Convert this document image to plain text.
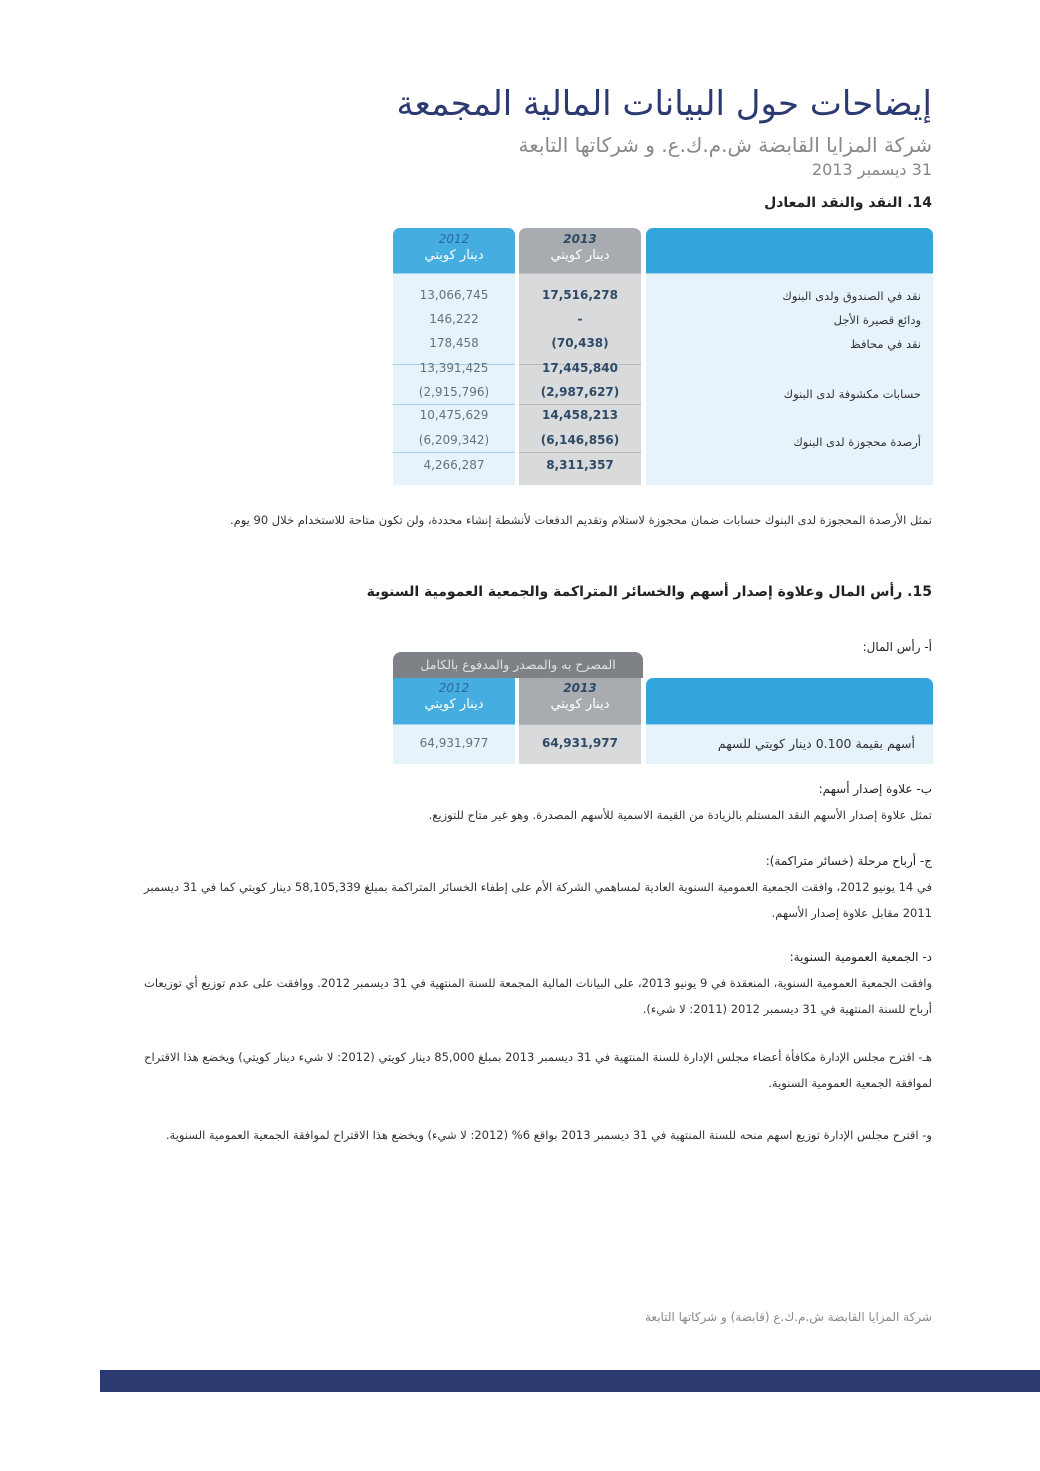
إيضاحات حول البيانات المالية المجمعة
شركة المزايا القابضة ش.م.ك.ع. و شركاتها التابعة
31 ديسمبر 2013
14. النقد والنقد المعادل
2012
دينار كويتي
2013
دينار كويتي
13,066,745	17,516,278	نقد في الصندوق ولدى البنوك
146,222	-	ودائع قصيرة الأجل
178,458	(70,438)	نقد في محافظ
13,391,425	17,445,840
(2,915,796)	(2,987,627)	حسابات مكشوفة لدى البنوك
10,475,629	14,458,213
(6,209,342)	(6,146,856)	أرصدة محجوزة لدى البنوك
4,266,287	8,311,357
تمثل الأرصدة المحجوزة لدى البنوك حسابات ضمان محجوزة لاستلام وتقديم الدفعات لأنشطة إنشاء محددة، ولن تكون متاحة للاستخدام خلال 90 يوم.
15. رأس المال وعلاوة إصدار أسهم والخسائر المتراكمة والجمعية العمومية السنوية
أ- رأس المال:
المصرح به والمصدر والمدفوع بالكامل
2012
دينار كويتي
2013
دينار كويتي
64,931,977	64,931,977	أسهم بقيمة 0.100 دينار كويتي للسهم
ب- علاوة إصدار أسهم:
تمثل علاوة إصدار الأسهم النقد المستلم بالزيادة من القيمة الاسمية للأسهم المصدرة. وهو غير متاح للتوزيع.
ج- أرباح مرحلة (خسائر متراكمة):
في 14 يونيو 2012، وافقت الجمعية العمومية السنوية العادية لمساهمي الشركة الأم على إطفاء الخسائر المتراكمة بمبلغ 58,105,339 دينار كويتي كما في 31 ديسمبر 2011 مقابل علاوة إصدار الأسهم.
د- الجمعية العمومية السنوية:
وافقت الجمعية العمومية السنوية، المنعقدة في 9 يونيو 2013، على البيانات المالية المجمعة للسنة المنتهية في 31 ديسمبر 2012. ووافقت على عدم توزيع أي توزيعات أرباح للسنة المنتهية في 31 ديسمبر 2012 (2011: لا شيء).
هـ- اقترح مجلس الإدارة مكافأة أعضاء مجلس الإدارة للسنة المنتهية في 31 ديسمبر 2013 بمبلغ 85,000 دينار كويتي (2012: لا شيء دينار كويتي) ويخضع هذا الاقتراح لموافقة الجمعية العمومية السنوية.
و- اقترح مجلس الإدارة توزيع اسهم منحه للسنة المنتهية في 31 ديسمبر 2013 بواقع 6% (2012: لا شيء) ويخضع هذا الاقتراح لموافقة الجمعية العمومية السنوية.
شركة المزايا القابضة ش.م.ك.ع (قابضة) و شركاتها التابعة
